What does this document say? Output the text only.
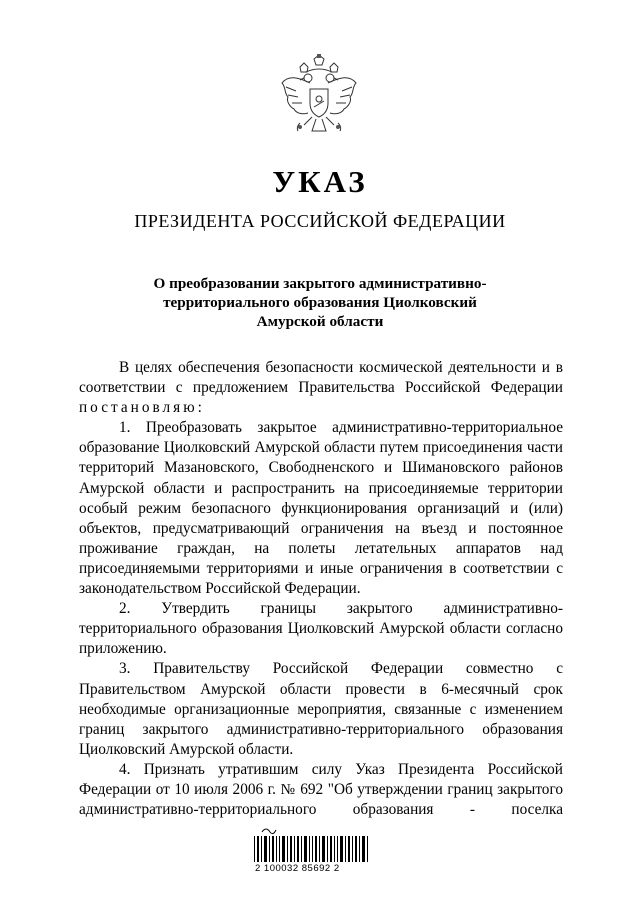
УКАЗ
ПРЕЗИДЕНТА РОССИЙСКОЙ ФЕДЕРАЦИИ
О преобразовании закрытого административно-
территориального образования Циолковский
Амурской области

В целях обеспечения безопасности космической деятельности и в соответствии с предложением Правительства Российской Федерации постановляю:

1. Преобразовать закрытое административно-территориальное образование Циолковский Амурской области путем присоединения части территорий Мазановского, Свободненского и Шимановского районов Амурской области и распространить на присоединяемые территории особый режим безопасного функционирования организаций и (или) объектов, предусматривающий ограничения на въезд и постоянное проживание граждан, на полеты летательных аппаратов над присоединяемыми территориями и иные ограничения в соответствии с законодательством Российской Федерации.

2. Утвердить границы закрытого административно-территориального образования Циолковский Амурской области согласно приложению.

3. Правительству Российской Федерации совместно с Правительством Амурской области провести в 6-месячный срок необходимые организационные мероприятия, связанные с изменением границ закрытого административно-территориального образования Циолковский Амурской области.

4. Признать утратившим силу Указ Президента Российской Федерации от 10 июля 2006 г. № 692 "Об утверждении границ закрытого административно-территориального образования - поселка

2 100032 85692 2
